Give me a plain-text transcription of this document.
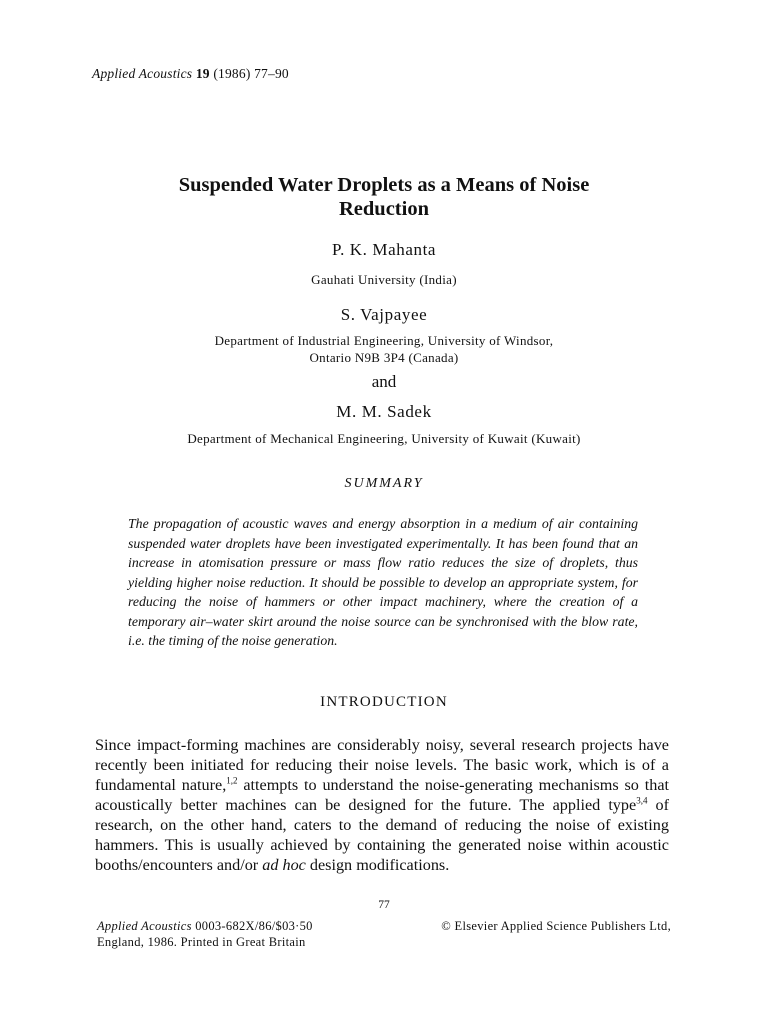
Applied Acoustics 19 (1986) 77–90
Suspended Water Droplets as a Means of Noise Reduction
P. K. Mahanta
Gauhati University (India)
S. Vajpayee
Department of Industrial Engineering, University of Windsor,
Ontario N9B 3P4 (Canada)
and
M. M. Sadek
Department of Mechanical Engineering, University of Kuwait (Kuwait)
SUMMARY
The propagation of acoustic waves and energy absorption in a medium of air containing suspended water droplets have been investigated experimentally. It has been found that an increase in atomisation pressure or mass flow ratio reduces the size of droplets, thus yielding higher noise reduction. It should be possible to develop an appropriate system, for reducing the noise of hammers or other impact machinery, where the creation of a temporary air–water skirt around the noise source can be synchronised with the blow rate, i.e. the timing of the noise generation.
INTRODUCTION
Since impact-forming machines are considerably noisy, several research projects have recently been initiated for reducing their noise levels. The basic work, which is of a fundamental nature,$^{1,2}$ attempts to understand the noise-generating mechanisms so that acoustically better machines can be designed for the future. The applied type$^{3,4}$ of research, on the other hand, caters to the demand of reducing the noise of existing hammers. This is usually achieved by containing the generated noise within acoustic booths/encounters and/or ad hoc design modifications.
77
Applied Acoustics 0003-682X/86/$03·50	© Elsevier Applied Science Publishers Ltd,
England, 1986. Printed in Great Britain
